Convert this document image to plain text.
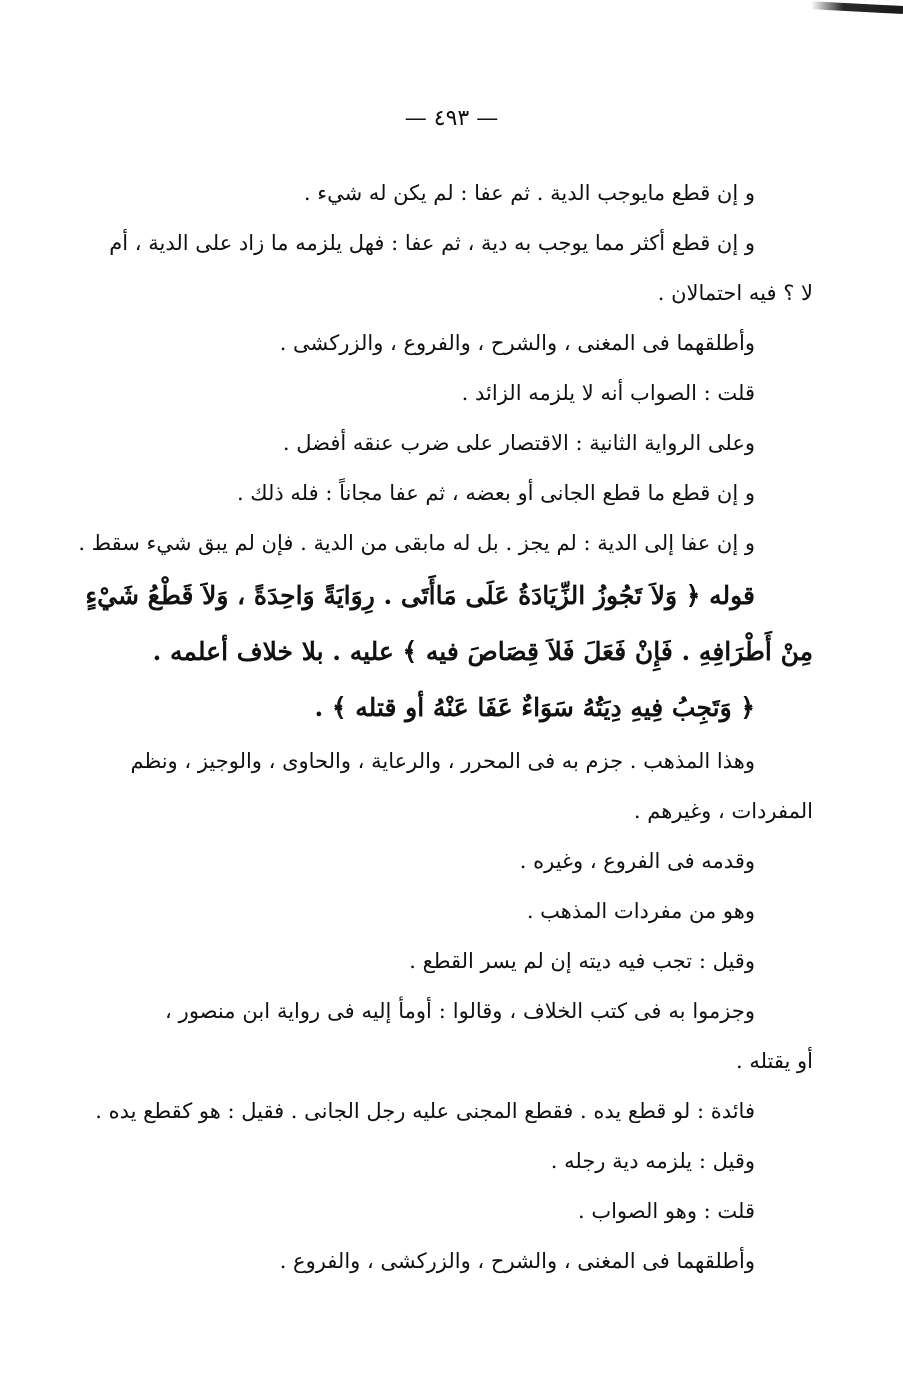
— ٤٩٣ —
و إن قطع مايوجب الدية . ثم عفا : لم يكن له شيء .
و إن قطع أكثر مما يوجب به دية ، ثم عفا : فهل يلزمه ما زاد على الدية ، أم
لا ؟ فيه احتمالان .
وأطلقهما فى المغنى ، والشرح ، والفروع ، والزركشى .
قلت : الصواب أنه لا يلزمه الزائد .
وعلى الرواية الثانية : الاقتصار على ضرب عنقه أفضل .
و إن قطع ما قطع الجانى أو بعضه ، ثم عفا مجاناً : فله ذلك .
و إن عفا إلى الدية : لم يجز . بل له مابقى من الدية . فإن لم يبق شيء سقط .
قوله ﴿ وَلاَ تَجُوزُ الزِّيَادَةُ عَلَى مَاأَتَى . رِوَايَةً وَاحِدَةً ، وَلاَ قَطْعُ شَيْءٍ
مِنْ أَطْرَافِهِ . فَإِنْ فَعَلَ فَلاَ قِصَاصَ فيه ﴾ عليه . بلا خلاف أعلمه .
﴿ وَتَجِبُ فِيهِ دِيَتُهُ سَوَاءٌ عَفَا عَنْهُ أو قتله ﴾ .
وهذا المذهب . جزم به فى المحرر ، والرعاية ، والحاوى ، والوجيز ، ونظم
المفردات ، وغيرهم .
وقدمه فى الفروع ، وغيره .
وهو من مفردات المذهب .
وقيل : تجب فيه ديته إن لم يسر القطع .
وجزموا به فى كتب الخلاف ، وقالوا : أومأ إليه فى رواية ابن منصور ،
أو يقتله .
فائدة : لو قطع يده . فقطع المجنى عليه رجل الجانى . فقيل : هو كقطع يده .
وقيل : يلزمه دية رجله .
قلت : وهو الصواب .
وأطلقهما فى المغنى ، والشرح ، والزركشى ، والفروع .
